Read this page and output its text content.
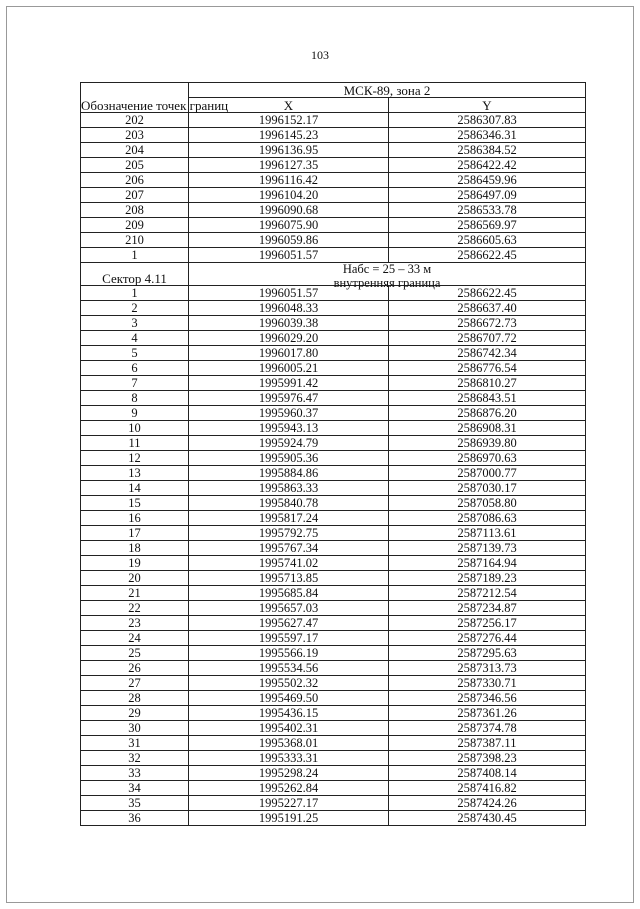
103
Обозначение точек границ	МСК-89, зона 2	
	X	Y
202	1996152.17	2586307.83
203	1996145.23	2586346.31
204	1996136.95	2586384.52
205	1996127.35	2586422.42
206	1996116.42	2586459.96
207	1996104.20	2586497.09
208	1996090.68	2586533.78
209	1996075.90	2586569.97
210	1996059.86	2586605.63
1	1996051.57	2586622.45
Сектор 4.11	Набс = 25 – 33 м
внутренняя граница	

1	1996051.57	2586622.45
2	1996048.33	2586637.40
3	1996039.38	2586672.73
4	1996029.20	2586707.72
5	1996017.80	2586742.34
6	1996005.21	2586776.54
7	1995991.42	2586810.27
8	1995976.47	2586843.51
9	1995960.37	2586876.20
10	1995943.13	2586908.31
11	1995924.79	2586939.80
12	1995905.36	2586970.63
13	1995884.86	2587000.77
14	1995863.33	2587030.17
15	1995840.78	2587058.80
16	1995817.24	2587086.63
17	1995792.75	2587113.61
18	1995767.34	2587139.73
19	1995741.02	2587164.94
20	1995713.85	2587189.23
21	1995685.84	2587212.54
22	1995657.03	2587234.87
23	1995627.47	2587256.17
24	1995597.17	2587276.44
25	1995566.19	2587295.63
26	1995534.56	2587313.73
27	1995502.32	2587330.71
28	1995469.50	2587346.56
29	1995436.15	2587361.26
30	1995402.31	2587374.78
31	1995368.01	2587387.11
32	1995333.31	2587398.23
33	1995298.24	2587408.14
34	1995262.84	2587416.82
35	1995227.17	2587424.26
36	1995191.25	2587430.45
